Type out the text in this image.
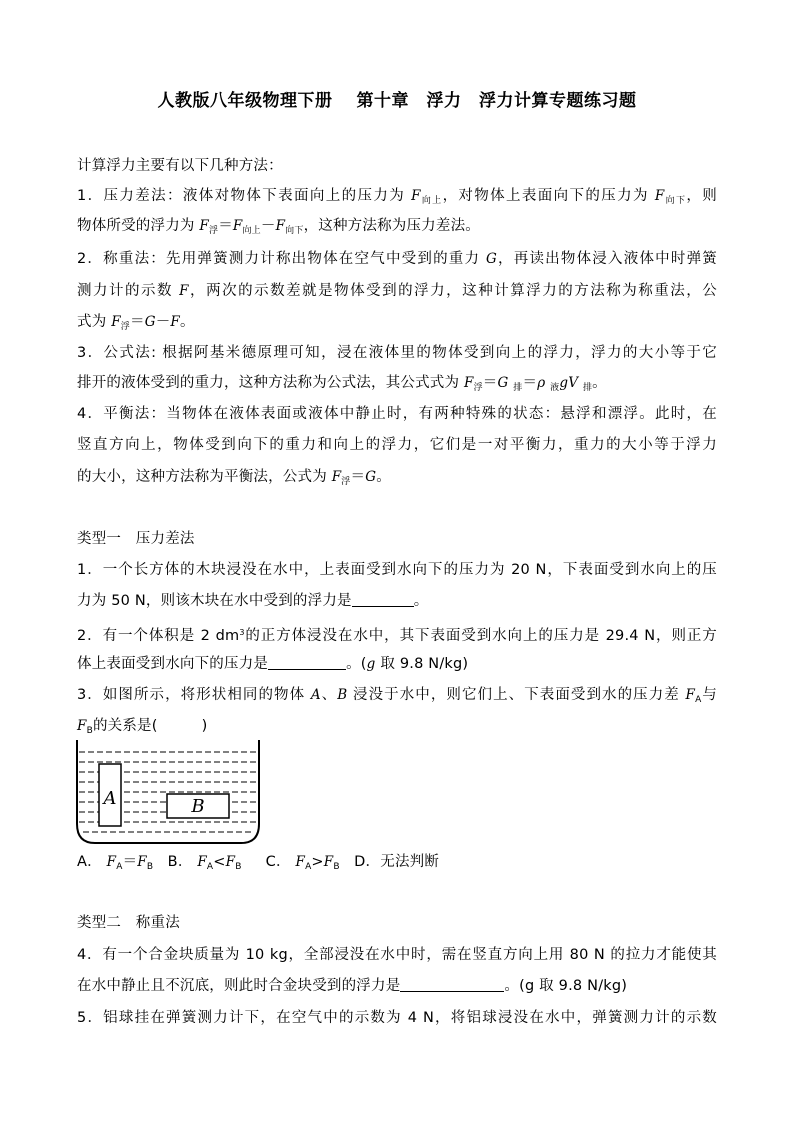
人教版八年级物理下册　 第十章　浮力　浮力计算专题练习题
计算浮力主要有以下几种方法：
1．压力差法：液体对物体下表面向上的压力为 $F_{向上}$，对物体上表面向下的压力为 $F_{向下}$，则
物体所受的浮力为 $F_浮=F_{向上}-F_{向下}$，这种方法称为压力差法。
2．称重法：先用弹簧测力计称出物体在空气中受到的重力 G，再读出物体浸入液体中时弹簧
测力计的示数 F，两次的示数差就是物体受到的浮力，这种计算浮力的方法称为称重法，公
式为 $F_浮=G-F$。
3．公式法: 根据阿基米德原理可知，浸在液体里的物体受到向上的浮力，浮力的大小等于它
排开的液体受到的重力，这种方法称为公式法，其公式式为 $F_浮=G$ $_排$＝ρ $_液$gV $_排$。
4．平衡法：当物体在液体表面或液体中静止时，有两种特殊的状态：悬浮和漂浮。此时，在
竖直方向上，物体受到向下的重力和向上的浮力，它们是一对平衡力，重力的大小等于浮力
的大小，这种方法称为平衡法，公式为 $F_浮=G$。
类型一　压力差法
1．一个长方体的木块浸没在水中，上表面受到水向下的压力为 20 N，下表面受到水向上的压
力为 50 N，则该木块在水中受到的浮力是	。
2．有一个体积是 2 $dm^3$的正方体浸没在水中，其下表面受到水向上的压力是 29.4 N，则正方
体上表面受到水向下的压力是	。(g 取 9.8 N/kg)
3．如图所示，将形状相同的物体 A、B 浸没于水中，则它们上、下表面受到水的压力差 $F_A$与
$F_B$的关系是(	)
A	B
A． $F_A=F_B$ B． $F_A<F_B$ C． $F_A>F_B$ D．无法判断
类型二　称重法
4．有一个合金块质量为 10 kg，全部浸没在水中时，需在竖直方向上用 80 N 的拉力才能使其
在水中静止且不沉底，则此时合金块受到的浮力是	。(g 取 9.8 N/kg)
5．铝球挂在弹簧测力计下，在空气中的示数为 4 N，将铝球浸没在水中，弹簧测力计的示数
